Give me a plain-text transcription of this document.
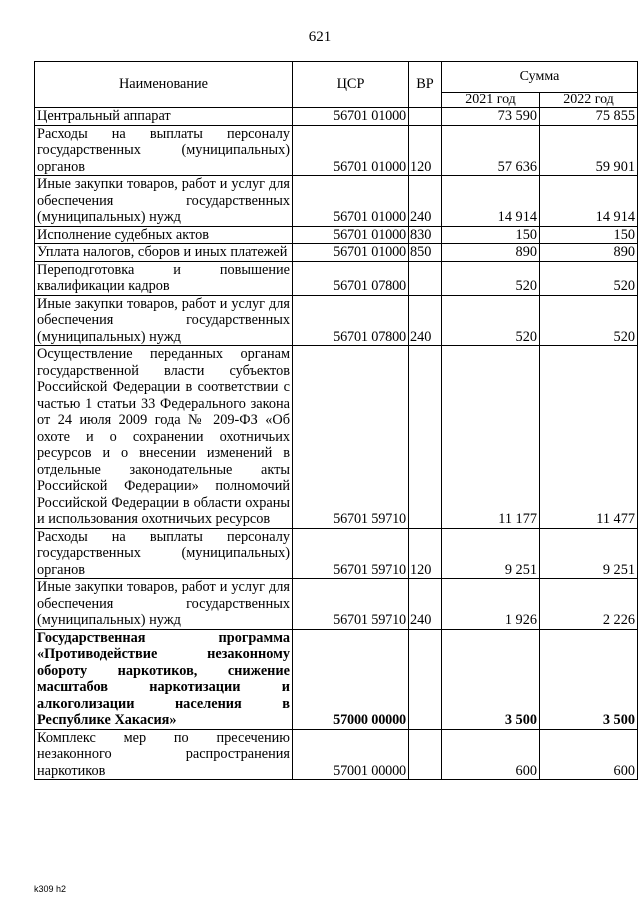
621
Наименование	ЦСР	ВР	Сумма	
			2021 год	2022 год
Центральный аппарат	56701 01000		73 590	75 855
Расходы на выплаты персоналу государственных (муниципальных) органов	56701 01000	120	57 636	59 901
Иные закупки товаров, работ и услуг для обеспечения государственных (муниципальных) нужд	56701 01000	240	14 914	14 914
Исполнение судебных актов	56701 01000	830	150	150
Уплата налогов, сборов и иных платежей	56701 01000	850	890	890
Переподготовка и повышение квалификации кадров	56701 07800		520	520
Иные закупки товаров, работ и услуг для обеспечения государственных (муниципальных) нужд	56701 07800	240	520	520
Осуществление переданных органам государственной власти субъектов Российской Федерации в соответствии с частью 1 статьи 33 Федерального закона от 24 июля 2009 года № 209-ФЗ «Об охоте и о сохранении охотничьих ресурсов и о внесении изменений в отдельные законодательные акты Российской Федерации» полномочий Российской Федерации в области охраны и использования охотничьих ресурсов	56701 59710		11 177	11 477
Расходы на выплаты персоналу государственных (муниципальных) органов	56701 59710	120	9 251	9 251
Иные закупки товаров, работ и услуг для обеспечения государственных (муниципальных) нужд	56701 59710	240	1 926	2 226
Государственная программа «Противодействие незаконному обороту наркотиков, снижение масштабов наркотизации и алкоголизации населения в Республике Хакасия»	57000 00000		3 500	3 500
Комплекс мер по пресечению незаконного распространения наркотиков	57001 00000		600	600
k309 h2
